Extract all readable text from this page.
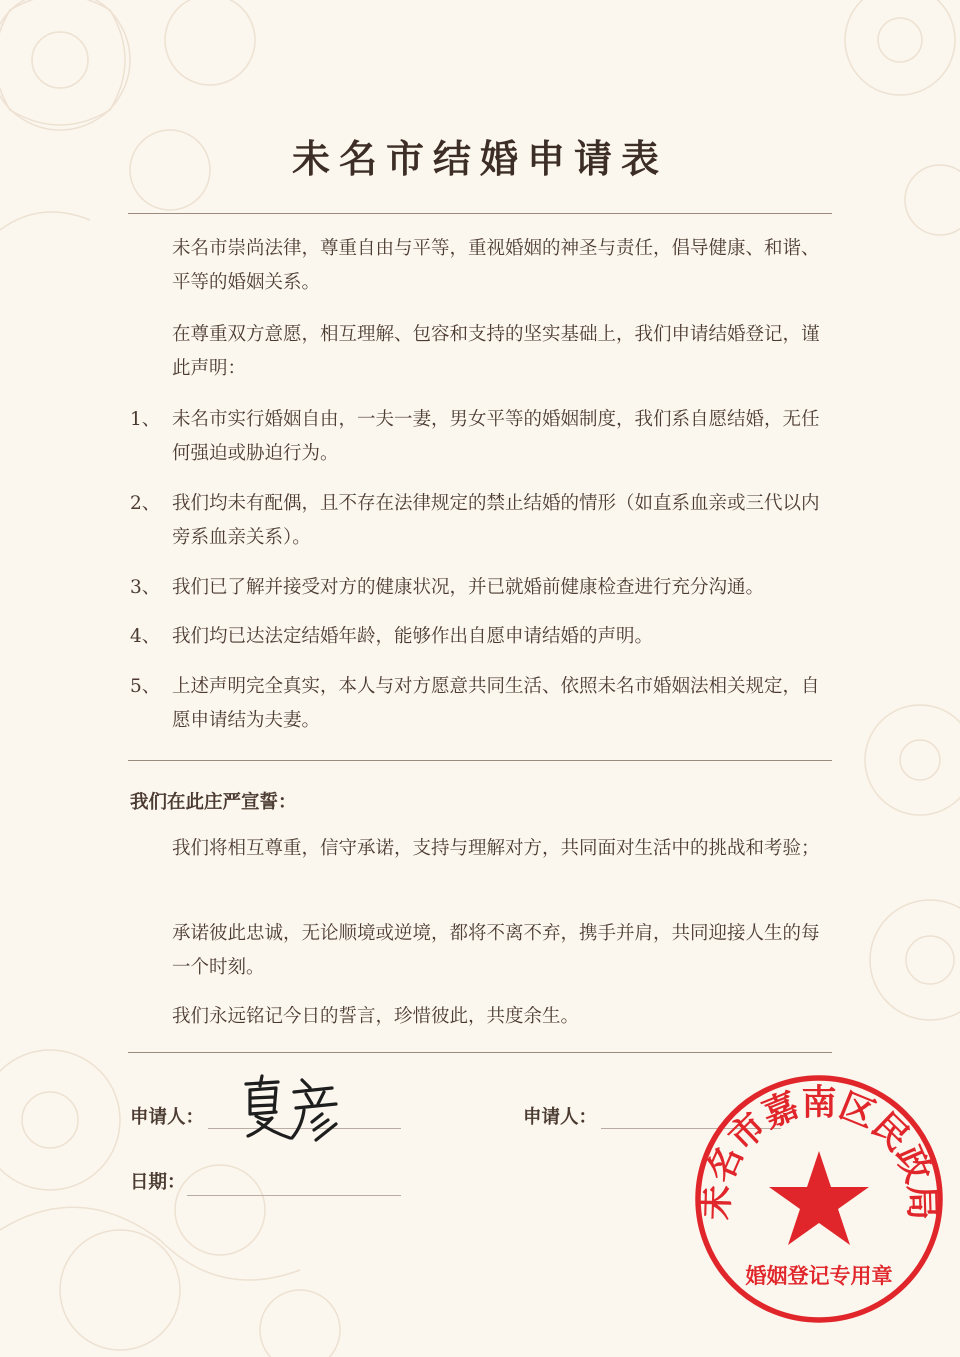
未名市结婚申请表

未名市崇尚法律，尊重自由与平等，重视婚姻的神圣与责任，倡导健康、和谐、平等的婚姻关系。

在尊重双方意愿，相互理解、包容和支持的坚实基础上，我们申请结婚登记，谨此声明：

1、 未名市实行婚姻自由，一夫一妻，男女平等的婚姻制度，我们系自愿结婚，无任何强迫或胁迫行为。

2、 我们均未有配偶，且不存在法律规定的禁止结婚的情形（如直系血亲或三代以内旁系血亲关系）。

3、 我们已了解并接受对方的健康状况，并已就婚前健康检查进行充分沟通。

4、 我们均已达法定结婚年龄，能够作出自愿申请结婚的声明。

5、 上述声明完全真实，本人与对方愿意共同生活、依照未名市婚姻法相关规定，自愿申请结为夫妻。

我们在此庄严宣誓：

我们将相互尊重，信守承诺，支持与理解对方，共同面对生活中的挑战和考验；

承诺彼此忠诚，无论顺境或逆境，都将不离不弃，携手并肩，共同迎接人生的每一个时刻。

我们永远铭记今日的誓言，珍惜彼此，共度余生。

申请人：	申请人：
日期：
未名市嘉南区民政局
婚姻登记专用章
